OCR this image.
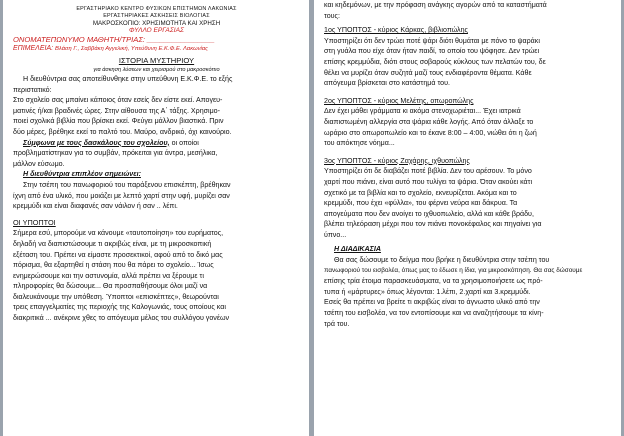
ΕΡΓΑΣΤΗΡΙΑΚΟ ΚΕΝΤΡΟ ΦΥΣΙΚΩΝ ΕΠΙΣΤΗΜΩΝ ΛΑΚΩΝΙΑΣ
ΕΡΓΑΣΤΗΡΙΑΚΕΣ ΑΣΚΗΣΕΙΣ ΒΙΟΛΟΓΙΑΣ
ΜΑΚΡΟΣΚΟΠΙΟ: ΧΡΗΣΙΜΟΤΗΤΑ ΚΑΙ ΧΡΗΣΗ
ΦΥΛΛΟ ΕΡΓΑΣΙΑΣ
ΟΝΟΜΑΤΕΠΩΝΥΜΟ ΜΑΘΗΤΗ/ΤΡΙΑΣ: ________________
ΕΠΙΜΕΛΕΙΑ: Βλάση Γ., Σαββάκη Αγγελική, Υπεύθυνη Ε.Κ.Φ.Ε. Λακωνίας
ΙΣΤΟΡΙΑ ΜΥΣΤΗΡΙΟΥ
για άσκηση λύσεων και χειρισμού στο μακροσκόπιο
Η διευθύντρια σας αποτείθυνθηκε στην υπεύθυνη Ε.Κ.Φ.Ε. το εξής
περιστατικό:
Στο σχολείο σας μπαίνει κάποιος όταν εσείς δεν είστε εκεί. Απογευ-
ματινές ή/και βραδινές ώρες. Στην αίθουσα της Α΄ τάξης. Χρησιμο-
ποιεί σχολικά βιβλία που βρίσκει εκεί. Φεύγει μάλλον βιαστικά. Πριν
δύο μέρες, βρέθηκε εκεί το παλτό του. Μαύρο, ανδρικό, όχι καινούριο.
Σύμφωνα με τους δασκάλους του σχολείου, οι οποίοι
προβληματίστηκαν για το συμβάν, πρόκειται για άντρα, μεσήλικα,
μάλλον εύσωμο.
Η διευθύντρια επιπλέον σημειώνει:
Στην τσέπη του πανωφοριού του παράξενου επισκέπτη, βρέθηκαν
ίχνη από ένα υλικό, που μοιάζει με λεπτό χαρτί στην υφή, μυρίζει σαν
κρεμμύδι και είναι διαφανές σαν νάιλον ή σαν .. λέπι.
ΟΙ ΥΠΟΠΤΟΙ
Σήμερα εσύ, μπορούμε να κάνουμε «ταυτοποίηση» του ευρήματος,
δηλαδή να διαπιστώσουμε τι ακριβώς είναι, με τη μικροσκοπική
εξέταση του. Πρέπει να είμαστε προσεκτικοί, αφού από το δικό μας
πόρισμα, θα εξαρτηθεί η στάση που θα πάρει το σχολείο... Ίσως
ενημερώσουμε και την αστυνομία, αλλά πρέπει να ξέρουμε τι
πληροφορίες θα δώσουμε... Θα προσπαθήσουμε όλοι μαζί να
διαλευκάνουμε την υπόθεση. Ύποπτοι «επισκέπτες», θεωρούνται
τρεις επαγγελματίες της περιοχής της Καλογωνιάς, τους οποίους και
διακριτικά ... ανέκρινε χθες το απόγευμα μέλος του συλλόγου γονέων
και κηδεμόνων, με την πρόφαση ανάγκης αγορών από τα καταστήματά
τους:
1ος ΥΠΟΠΤΟΣ - κύριος Κάρκας, βιβλιοπώλης
Υποστηρίζει ότι δεν τρώει ποτέ ψάρι διότι θυμάται με πόνο το ψαράκι
στη γυάλα που είχε όταν ήταν παιδί, το οποίο του ψόφησε. Δεν τρώει
επίσης κρεμμύδια, διότι στους σοβαρούς κύκλους των πελατών του, δε
θέλει να μυρίζει όταν συζητά μαζί τους ενδιαφέροντα θέματα. Κάθε
απόγευμα βρίσκεται στο κατάστημά του.
2ος ΥΠΟΠΤΟΣ - κύριος Μελέτης, οπωροπώλης
Δεν έχει μάθει γράμματα κι ακόμα στενοχωριέται... Έχει ιατρικά
διαπιστωμένη αλλεργία στα ψάρια κάθε λογής. Από όταν άλλαξε το
ωράριο στο οπωροπωλείο και το έκανε 8:00 – 4:00, νιώθει ότι η ζωή
του απόκτησε νόημα...
3ος ΥΠΟΠΤΟΣ - κύριος Ζαχάρης, ιχθυοπώλης
Υποστηρίζει ότι δε διαβάζει ποτέ βιβλία. Δεν του αρέσουν. Το μόνο
χαρτί που πιάνει, είναι αυτό που τυλίγει τα ψάρια. Όταν ακούει κάτι
σχετικό με τα βιβλία και το σχολείο, εκνευρίζεται. Ακόμα και το
κρεμμύδι, που έχει «φύλλα», του φέρνει νεύρα και δάκρυα. Τα
απογεύματα που δεν ανοίγει το ιχθυοπωλείο, αλλά και κάθε βράδυ,
βλέπει τηλεόραση μέχρι που τον πιάνει πονοκέφαλος και πηγαίνει για
ύπνο...
Η ΔΙΑΔΙΚΑΣΙΑ
Θα σας δώσουμε το δείγμα που βρήκε η διευθύντρια στην τσέπη του
πανωφοριού του εισβολέα, όπως μας το έδωσε η ίδια, για μικροσκόπηση. Θα σας δώσουμε
επίσης τρία έτοιμα παρασκευάσματα, να τα χρησιμοποιήσετε ως πρό-
τυπα ή «μάρτυρες» όπως λέγονται: 1.λέπι, 2.χαρτί και 3.κρεμμύδι.
Εσείς θα πρέπει να βρείτε τι ακριβώς είναι το άγνωστο υλικό από την
τσέπη του εισβολέα, να τον εντοπίσουμε και να αναζητήσουμε τα κίνη-
τρά του.
